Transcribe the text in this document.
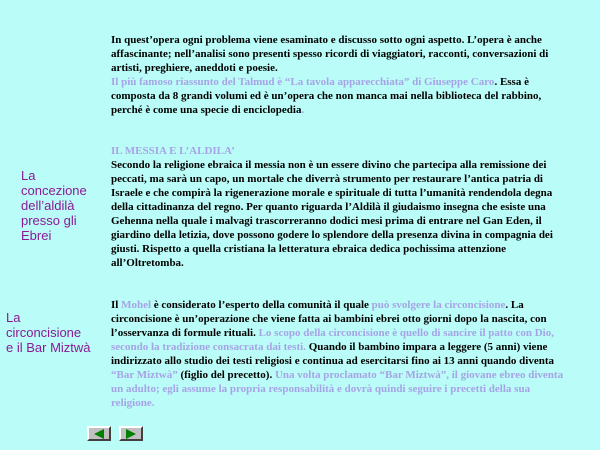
In quest’opera ogni problema viene esaminato e discusso sotto ogni aspetto. L’opera è anche affascinante; nell’analisi sono presenti spesso ricordi di viaggiatori, racconti, conversazioni di artisti, preghiere, aneddoti e poesie.
Il più famoso riassunto del Talmud è “La tavola apparecchiata” di Giuseppe Caro. Essa è composta da 8 grandi volumi ed è un’opera che non manca mai nella biblioteca del rabbino, perché è come una specie di enciclopedia.

La
concezione
dell’aldilà
presso gli
Ebrei

IL MESSIA E L’ALDILA’
Secondo la religione ebraica il messia non è un essere divino che partecipa alla remissione dei peccati, ma sarà un capo, un mortale che diverrà strumento per restaurare l’antica patria di Israele e che compirà la rigenerazione morale e spirituale di tutta l’umanità rendendola degna della cittadinanza del regno. Per quanto riguarda l’Aldilà il giudaismo insegna che esiste una Gehenna nella quale i malvagi trascorreranno dodici mesi prima di entrare nel Gan Eden, il giardino della letizia, dove possono godere lo splendore della presenza divina in compagnia dei giusti. Rispetto a quella cristiana la letteratura ebraica dedica pochissima attenzione all’Oltretomba.

La
circoncisione
e il Bar Miztwà

Il Mohel è considerato l’esperto della comunità il quale può svolgere la circoncisione. La circoncisione è un’operazione che viene fatta ai bambini ebrei otto giorni dopo la nascita, con l’osservanza di formule rituali. Lo scopo della circoncisione è quello di sancire il patto con Dio, secondo la tradizione consacrata dai testi. Quando il bambino impara a leggere (5 anni) viene indirizzato allo studio dei testi religiosi e continua ad esercitarsi fino ai 13 anni quando diventa “Bar Miztwà” (figlio del precetto). Una volta proclamato “Bar Miztwà”, il giovane ebreo diventa un adulto; egli assume la propria responsabilità e dovrà quindi seguire i precetti della sua religione.
